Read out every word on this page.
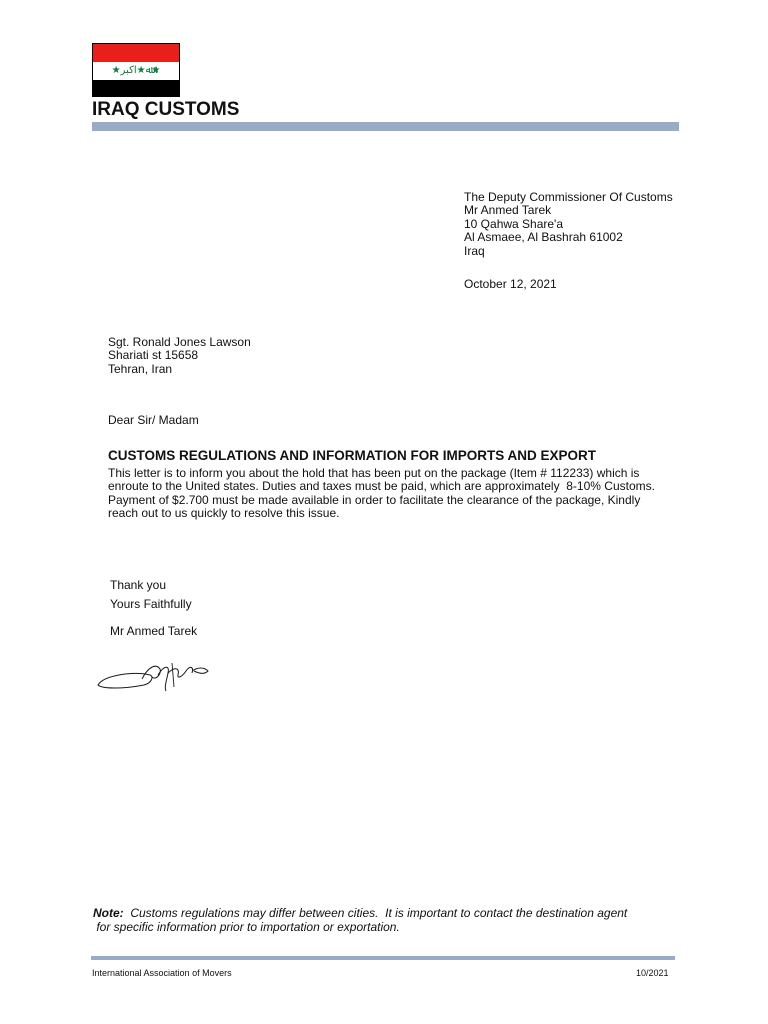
★ﷲ★اكبر★
IRAQ CUSTOMS
The Deputy Commissioner Of Customs
Mr Anmed Tarek
10 Qahwa Share'a
Al Asmaee, Al Bashrah 61002
Iraq
October 12, 2021
Sgt. Ronald Jones Lawson
Shariati st 15658
Tehran, Iran
Dear Sir/ Madam
CUSTOMS REGULATIONS AND INFORMATION FOR IMPORTS AND EXPORT
This letter is to inform you about the hold that has been put on the package (Item # 112233) which is
enroute to the United states. Duties and taxes must be paid, which are approximately  8-10% Customs.
Payment of $2.700 must be made available in order to facilitate the clearance of the package, Kindly
reach out to us quickly to resolve this issue.
Thank you
Yours Faithfully
Mr Anmed Tarek
Note:  Customs regulations may differ between cities.  It is important to contact the destination agent
for specific information prior to importation or exportation.
International Association of Movers	10/2021
